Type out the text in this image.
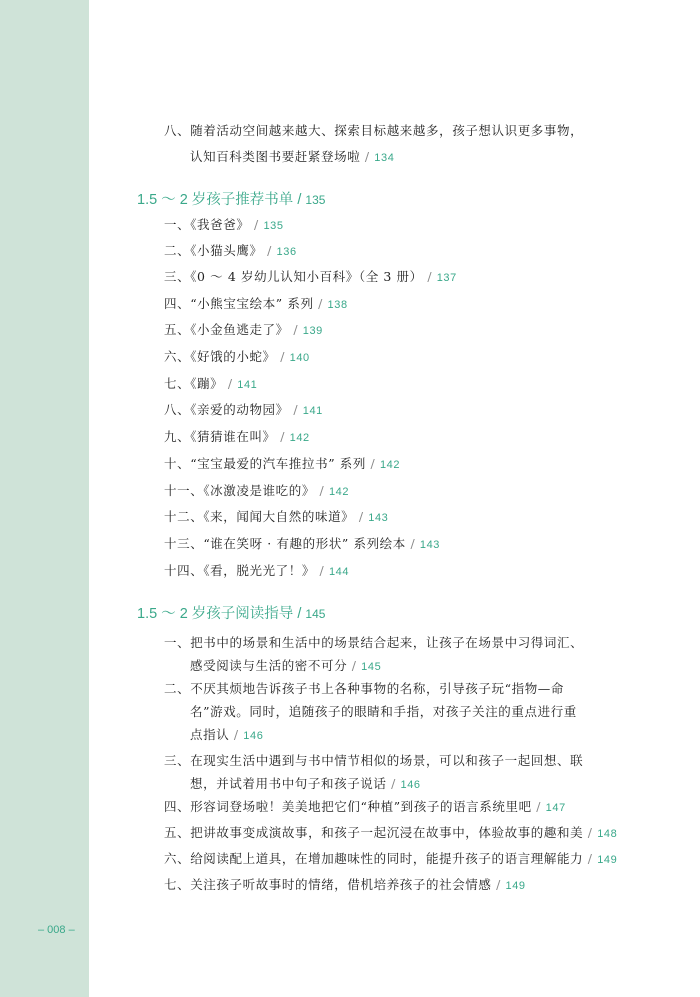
– 008 –
八、随着活动空间越来越大、探索目标越来越多，孩子想认识更多事物，
认知百科类图书要赶紧登场啦 / 134
1.5 ～ 2 岁孩子推荐书单 / 135
一、《我爸爸》 / 135
二、《小猫头鹰》 / 136
三、《0 ～ 4 岁幼儿认知小百科》（全 3 册） / 137
四、“小熊宝宝绘本” 系列 / 138
五、《小金鱼逃走了》 / 139
六、《好饿的小蛇》 / 140
七、《蹦》 / 141
八、《亲爱的动物园》 / 141
九、《猜猜谁在叫》 / 142
十、“宝宝最爱的汽车推拉书” 系列 / 142
十一、《冰激凌是谁吃的》 / 142
十二、《来，闻闻大自然的味道》 / 143
十三、“谁在笑呀 · 有趣的形状” 系列绘本 / 143
十四、《看，脱光光了！》 / 144
1.5 ～ 2 岁孩子阅读指导 / 145
一、把书中的场景和生活中的场景结合起来，让孩子在场景中习得词汇、
感受阅读与生活的密不可分 / 145
二、不厌其烦地告诉孩子书上各种事物的名称，引导孩子玩“指物—命
名”游戏。同时，追随孩子的眼睛和手指，对孩子关注的重点进行重
点指认 / 146
三、在现实生活中遇到与书中情节相似的场景，可以和孩子一起回想、联
想，并试着用书中句子和孩子说话 / 146
四、形容词登场啦！美美地把它们“种植”到孩子的语言系统里吧 / 147
五、把讲故事变成演故事，和孩子一起沉浸在故事中，体验故事的趣和美 / 148
六、给阅读配上道具，在增加趣味性的同时，能提升孩子的语言理解能力 / 149
七、关注孩子听故事时的情绪，借机培养孩子的社会情感 / 149
